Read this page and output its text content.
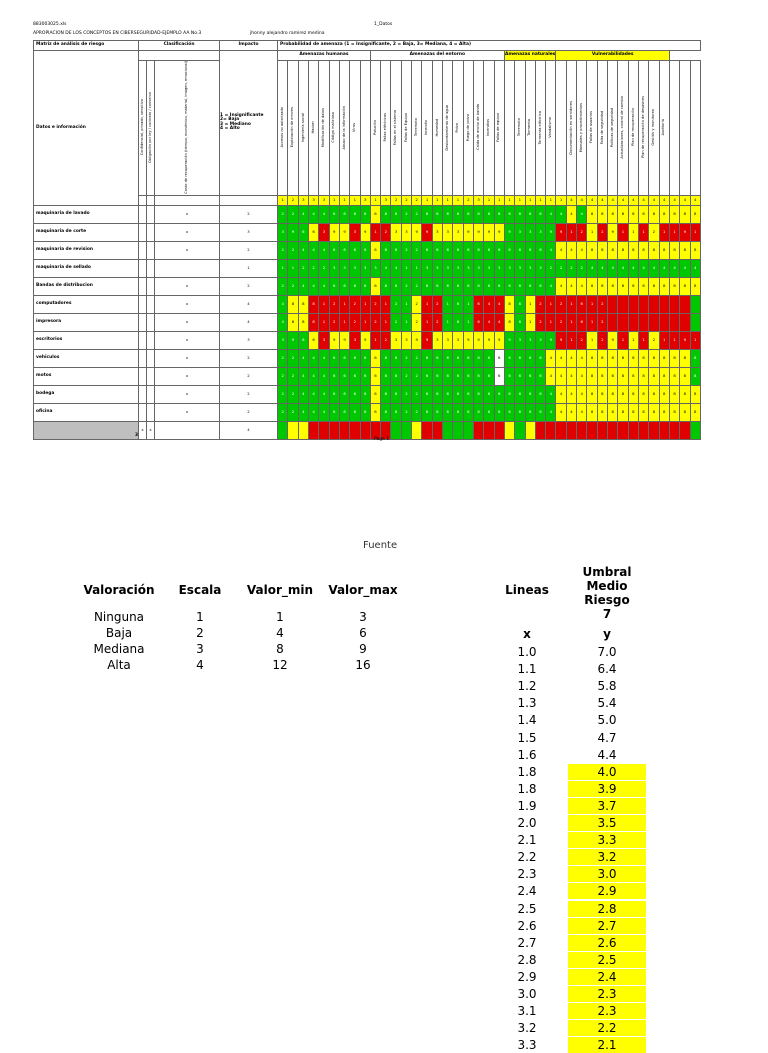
883003025.xls	1_Datos
APROPIACION DE LOS CONCEPTOS EN CIBERSEGURIDAD-EJEMPLO AA No.3	jhonny alejandro ramirez medina
Matriz de análisis de riesgo	Clasificación			Impacto	Probabilidad de amenaza (1 = Insignificante, 2 = Baja, 3= Mediana, 4 = Alta)																																								
Datos e información				1 = Insignificante
2= Baja
3 = Mediano
4 = Alto	Amenazas humanas									Amenazas del entorno													Amenazas naturales					Vulnerabilidades													
	Confidencial, privado, sensitivo	Obligación por ley / contrato / convenio	Costo de recuperación (tiempo, económico, material, imagen, emocional)		Accesos no autorizado	Explotación de errores	Ingeniería social	Hacker	Modificación de datos	Código malicioso	Abuso de la información	Virus		Polución	Fallas eléctricas	Fallas en el sistema	Fallas de Equipo	Terremoto	Incendio	Humedad	Desbordamiento de agua	Polvo	Fuego de polvo	Caída de ancho de banda	Incendios	Fallas de equipo		Terremoto	Tormenta	Tormenta eléctrica	Vandalismo		Documentación en servidores	Manuales y procedimientos	Fallas de usuarios	Falta de seguridad	Políticas de seguridad	Actualizaciones, control de cambio	Plan de recuperación	Plan de recuperación de desastres	Gestión y monitoreo	Auditoría			
					1	2	3	3	3	1	1	1	3	1	3	2	2	2	1	1	1	1	2	3	1	1	1	1	1	1	1	1	4	4	4	4	4	4	4	4	4	4	4	4	4
maquinaria de lavado			x	2	2	2	4	4	4	6	6	6	6	6	8	8	2	2	6	6	6	6	6	6	6	6	6	6	6	6	4	4	4	4	8	8	8	8	8	8	8	8	8	8	8
maquinaria de corte			x	3	3	9	6	6	3	9	9	3	9	1	2	3	3	9	9	3	3	3	9	9	9	9	9	3	3	3	9	9	1	2	1	2	9	1	1	1	2	1	1	9	1
maquinaria de revision			x	2	2	2	4	4	4	6	6	6	6	6	8	8	2	2	6	6	6	6	6	6	6	6	6	6	6	6	4	4	4	4	8	8	8	8	8	8	8	8	8	8	8
maquinaria de sellado				1	1	1	2	2	2	3	3	3	3	3	4	4	1	1	3	3	3	3	3	3	3	3	3	3	3	3	2	2	2	2	4	4	4	4	4	4	4	4	4	4	4
Bandas de distribucion			x	2	2	2	4	4	4	6	6	6	6	6	8	8	2	2	6	6	6	6	6	6	6	6	6	6	6	6	4	4	4	4	8	8	8	8	8	8	8	8	8	8	8
computadores			x	4	4	8	8	8	1	2	1	2	1	2	1	2	1	2	1	2	1	6	1	6	4	4	8	8	1	2	1	2	1	6	1	2									
impresora			x	4	4	8	8	8	1	2	1	2	1	2	1	2	1	2	1	2	1	6	1	6	4	4	8	8	1	2	1	2	1	6	1	2									
escritorios			x	3	3	9	6	6	3	9	9	3	9	1	2	3	3	9	9	3	3	3	9	9	9	9	9	3	3	3	9	9	1	2	1	2	9	1	1	1	2	1	1	9	1
vehiculos			x	2	2	2	4	4	4	6	6	6	6	6	8	8	2	2	6	6	6	6	6	6	6	6	6	6	6	6	4	4	4	4	8	8	8	8	8	8	8	8	8	8	8
motos			x	2	2	2	4	4	4	6	6	6	6	6	8	8	2	2	6	6	6	6	6	6	6	6	6	6	6	6	4	4	4	4	8	8	8	8	8	8	8	8	8	8	8
bodega			x	2	2	2	4	4	4	6	6	6	6	6	8	8	2	2	6	6	6	6	6	6	6	6	6	6	6	6	4	4	4	4	8	8	8	8	8	8	8	8	8	8	8
oficina			x	2	2	2	4	4	4	6	6	6	6	6	8	8	2	2	6	6	6	6	6	6	6	6	6	6	6	6	4	4	4	4	8	8	8	8	8	8	8	8	8	8	8
3	x	x		4																																									
Page 1
Fuente
Valoración	Escala	Valor_min	Valor_max	Lineas
Umbral
Medio
Riesgo
7
Ninguna	1	1	3
Baja	2	4	6
Mediana	3	8	9
Alta	4	12	16
x	y
1.0	7.0
1.1	6.4
1.2	5.8
1.3	5.4
1.4	5.0
1.5	4.7
1.6	4.4
1.8	4.0
1.8	3.9
1.9	3.7
2.0	3.5
2.1	3.3
2.2	3.2
2.3	3.0
2.4	2.9
2.5	2.8
2.6	2.7
2.7	2.6
2.8	2.5
2.9	2.4
3.0	2.3
3.1	2.3
3.2	2.2
3.3	2.1
